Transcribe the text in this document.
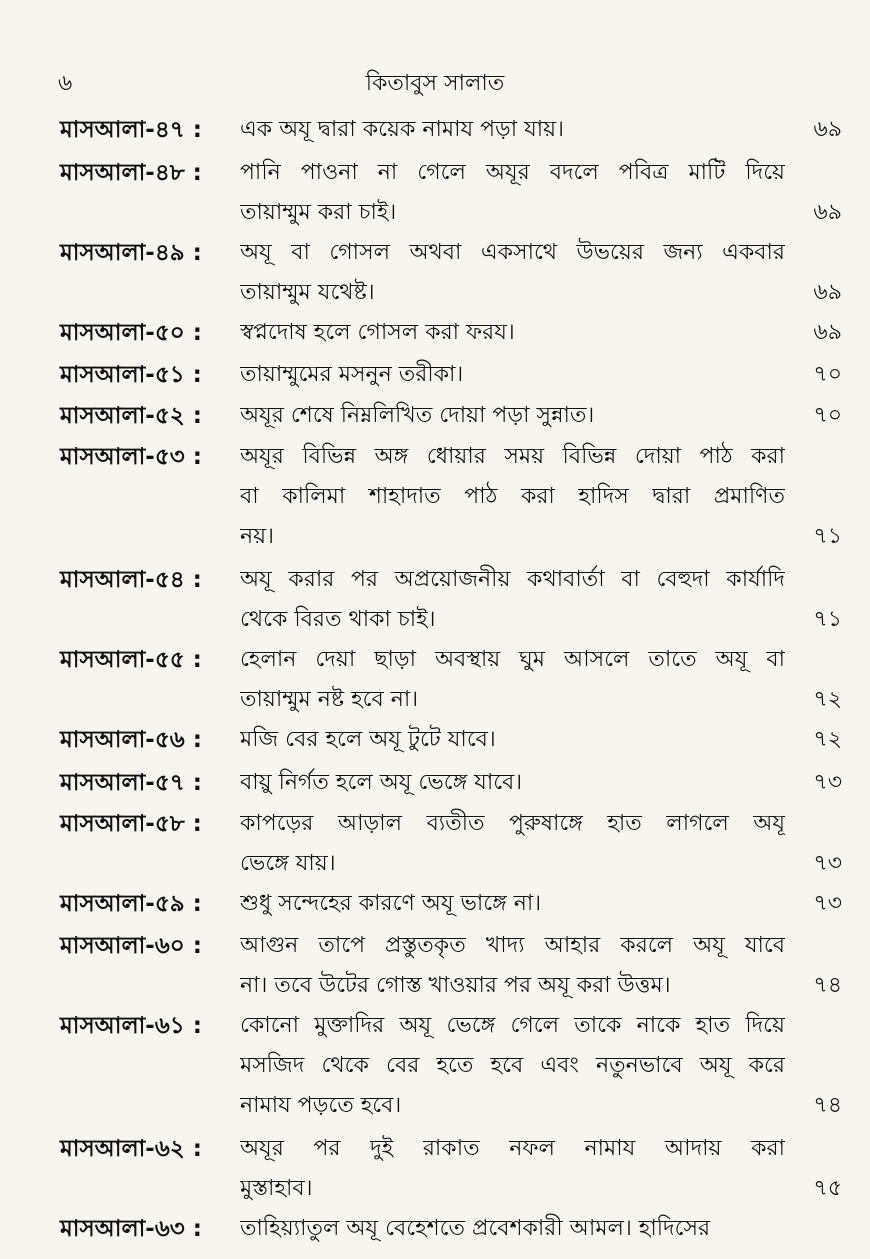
৬	কিতাবুস সালাত
মাসআলা-৪৭ :	এক অযূ দ্বারা কয়েক নামায পড়া যায়।	৬৯
মাসআলা-৪৮ :	পানি পাওনা না গেলে অযূর বদলে পবিত্র মাটি দিয়ে
তায়াম্মুম করা চাই।	৬৯
মাসআলা-৪৯ :	অযূ বা গোসল অথবা একসাথে উভয়ের জন্য একবার
তায়াম্মুম যথেষ্ট।	৬৯
মাসআলা-৫০ :	স্বপ্নদোষ হলে গোসল করা ফরয।	৬৯
মাসআলা-৫১ :	তায়াম্মুমের মসনুন তরীকা।	৭০
মাসআলা-৫২ :	অযূর শেষে নিম্নলিখিত দোয়া পড়া সুন্নাত।	৭০
মাসআলা-৫৩ :	অযূর বিভিন্ন অঙ্গ ধোয়ার সময় বিভিন্ন দোয়া পাঠ করা
বা কালিমা শাহাদাত পাঠ করা হাদিস দ্বারা প্রমাণিত
নয়।	৭১
মাসআলা-৫৪ :	অযূ করার পর অপ্রয়োজনীয় কথাবার্তা বা বেহুদা কার্যাদি
থেকে বিরত থাকা চাই।	৭১
মাসআলা-৫৫ :	হেলান দেয়া ছাড়া অবস্থায় ঘুম আসলে তাতে অযূ বা
তায়াম্মুম নষ্ট হবে না।	৭২
মাসআলা-৫৬ :	মজি বের হলে অযূ টুটে যাবে।	৭২
মাসআলা-৫৭ :	বায়ু নির্গত হলে অযূ ভেঙ্গে যাবে।	৭৩
মাসআলা-৫৮ :	কাপড়ের আড়াল ব্যতীত পুরুষাঙ্গে হাত লাগলে অযূ
ভেঙ্গে যায়।	৭৩
মাসআলা-৫৯ :	শুধু সন্দেহের কারণে অযূ ভাঙ্গে না।	৭৩
মাসআলা-৬০ :	আগুন তাপে প্রস্তুতকৃত খাদ্য আহার করলে অযূ যাবে
না। তবে উটের গোস্ত খাওয়ার পর অযূ করা উত্তম।	৭৪
মাসআলা-৬১ :	কোনো মুক্তাদির অযূ ভেঙ্গে গেলে তাকে নাকে হাত দিয়ে
মসজিদ থেকে বের হতে হবে এবং নতুনভাবে অযূ করে
নামায পড়তে হবে।	৭৪
মাসআলা-৬২ :	অযূর পর দুই রাকাত নফল নামায আদায় করা
মুস্তাহাব।	৭৫
মাসআলা-৬৩ :	তাহিয়্যাতুল অযূ বেহেশতে প্রবেশকারী আমল। হাদিসের
